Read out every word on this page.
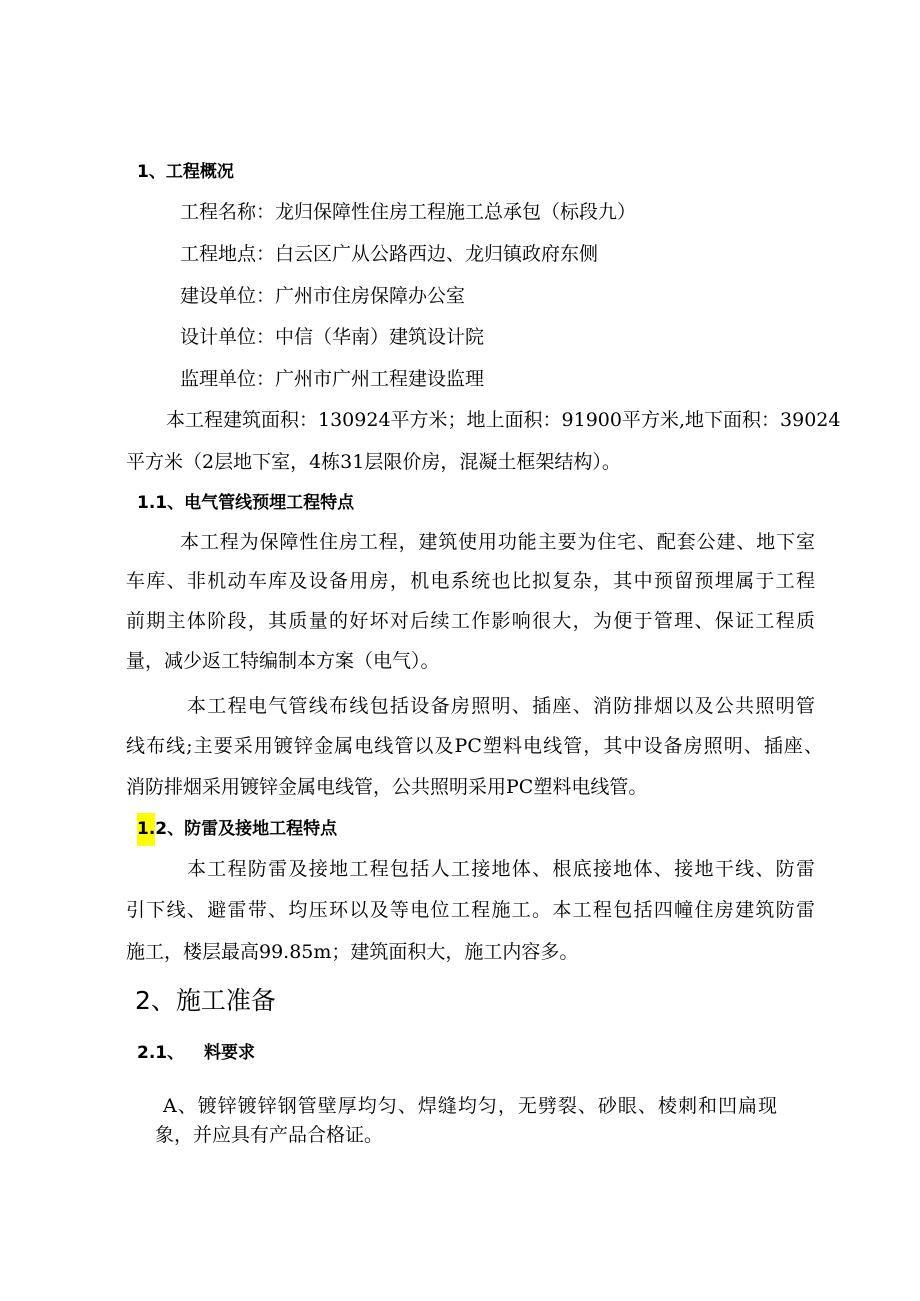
1、工程概况
工程名称：龙归保障性住房工程施工总承包（标段九）
工程地点：白云区广从公路西边、龙归镇政府东侧
建设单位：广州市住房保障办公室
设计单位：中信（华南）建筑设计院
监理单位：广州市广州工程建设监理
本工程建筑面积：130924平方米；地上面积：91900平方米,地下面积：39024
平方米（2层地下室，4栋31层限价房，混凝土框架结构）。
1.1、电气管线预埋工程特点
本工程为保障性住房工程，建筑使用功能主要为住宅、配套公建、地下室
车库、非机动车库及设备用房，机电系统也比拟复杂，其中预留预埋属于工程
前期主体阶段，其质量的好坏对后续工作影响很大，为便于管理、保证工程质
量，减少返工特编制本方案（电气）。
本工程电气管线布线包括设备房照明、插座、消防排烟以及公共照明管
线布线;主要采用镀锌金属电线管以及PC塑料电线管，其中设备房照明、插座、
消防排烟采用镀锌金属电线管，公共照明采用PC塑料电线管。
1.2、防雷及接地工程特点
本工程防雷及接地工程包括人工接地体、根底接地体、接地干线、防雷
引下线、避雷带、均压环以及等电位工程施工。本工程包括四幢住房建筑防雷
施工，楼层最高99.85m；建筑面积大，施工内容多。
2、施工准备
2.1、 料要求
A、镀锌镀锌钢管壁厚均匀、焊缝均匀，无劈裂、砂眼、棱刺和凹扁现
象，并应具有产品合格证。
